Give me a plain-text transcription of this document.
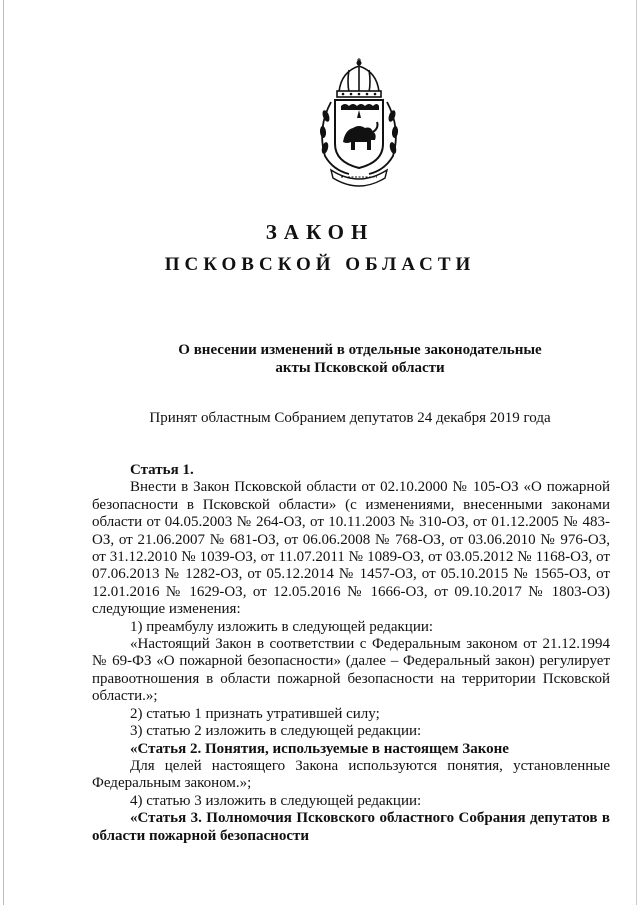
ЗАКОН
ПСКОВСКОЙ ОБЛАСТИ
О внесении изменений в отдельные законодательные
акты Псковской области
Принят областным Собранием депутатов 24 декабря 2019 года

Статья 1.

Внести в Закон Псковской области от 02.10.2000 № 105-ОЗ «О пожарной безопасности в Псковской области» (с изменениями, внесенными законами области от 04.05.2003 № 264-ОЗ, от 10.11.2003 № 310-ОЗ, от 01.12.2005 № 483-ОЗ, от 21.06.2007 № 681-ОЗ, от 06.06.2008 № 768-ОЗ, от 03.06.2010 № 976-ОЗ, от 31.12.2010 № 1039-ОЗ, от 11.07.2011 № 1089-ОЗ, от 03.05.2012 № 1168-ОЗ, от 07.06.2013 № 1282-ОЗ, от 05.12.2014 № 1457-ОЗ, от 05.10.2015 № 1565-ОЗ, от 12.01.2016 № 1629-ОЗ, от 12.05.2016 № 1666-ОЗ, от 09.10.2017 № 1803-ОЗ) следующие изменения:

1) преамбулу изложить в следующей редакции:

«Настоящий Закон в соответствии с Федеральным законом от 21.12.1994 № 69-ФЗ «О пожарной безопасности» (далее – Федеральный закон) регулирует правоотношения в области пожарной безопасности на территории Псковской области.»;

2) статью 1 признать утратившей силу;

3) статью 2 изложить в следующей редакции:

«Статья 2. Понятия, используемые в настоящем Законе

Для целей настоящего Закона используются понятия, установленные Федеральным законом.»;

4) статью 3 изложить в следующей редакции:

«Статья 3. Полномочия Псковского областного Собрания депутатов в области пожарной безопасности
